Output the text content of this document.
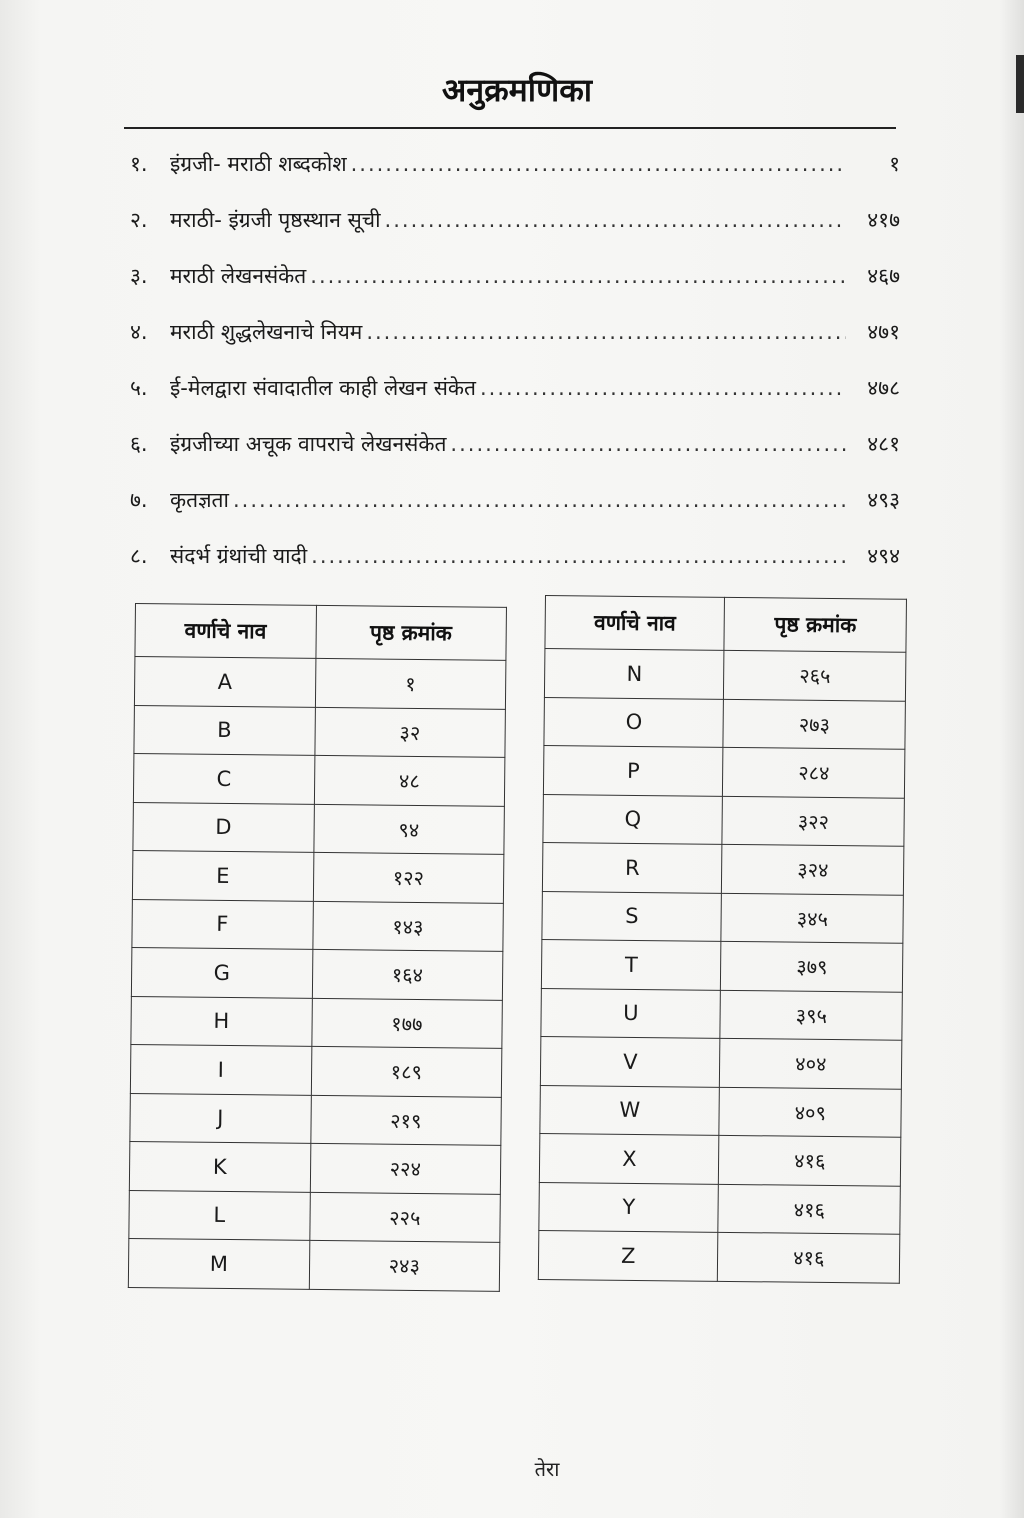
अनुक्रमणिका
१.	इंग्रजी- मराठी शब्दकोश .....	१
२.	मराठी- इंग्रजी पृष्ठस्थान सूची .....	४१७
३.	मराठी लेखनसंकेत .....	४६७
४.	मराठी शुद्धलेखनाचे नियम .....	४७१
५.	ई-मेलद्वारा संवादातील काही लेखन संकेत .....	४७८
६.	इंग्रजीच्या अचूक वापराचे लेखनसंकेत .....	४८१
७.	कृतज्ञता .....	४९३
८.	संदर्भ ग्रंथांची यादी .....	४९४
वर्णाचे नाव	पृष्ठ क्रमांक
A	१
B	३२
C	४८
D	९४
E	१२२
F	१४३
G	१६४
H	१७७
I	१८९
J	२१९
K	२२४
L	२२५
M	२४३
वर्णाचे नाव	पृष्ठ क्रमांक
N	२६५
O	२७३
P	२८४
Q	३२२
R	३२४
S	३४५
T	३७९
U	३९५
V	४०४
W	४०९
X	४१६
Y	४१६
Z	४१६
तेरा
